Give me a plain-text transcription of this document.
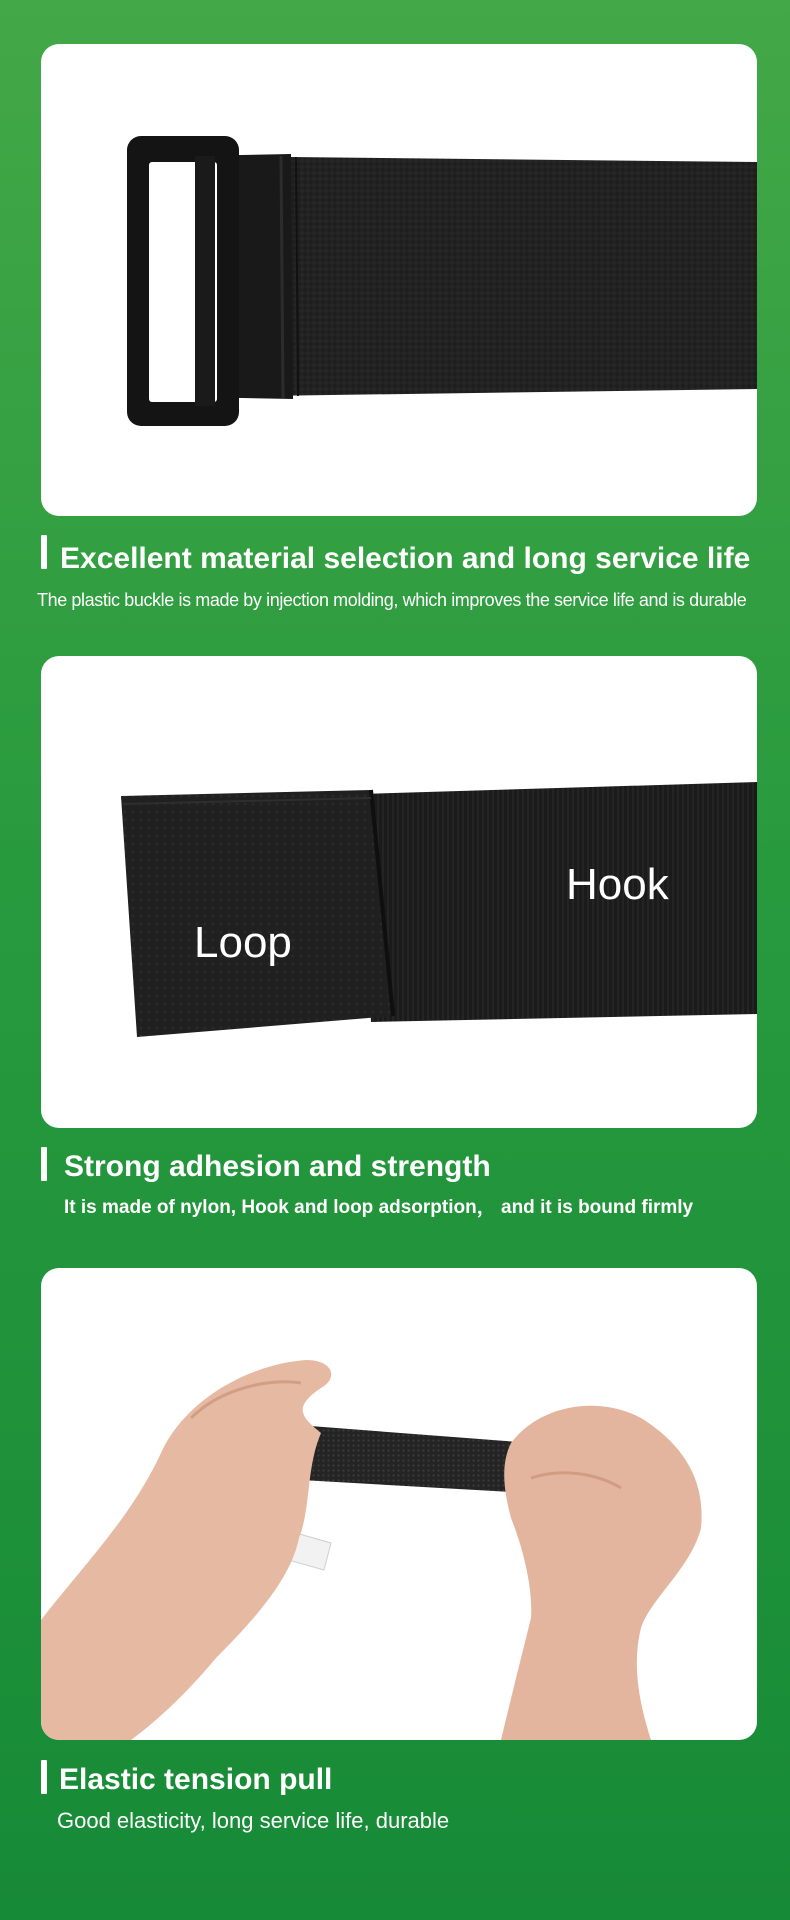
Excellent material selection and long service life
The plastic buckle is made by injection molding, which improves the service life and is durable
Loop
Hook
Strong adhesion and strength
It is made of nylon, Hook and loop adsorption， and it is bound firmly
Elastic tension pull
Good elasticity, long service life, durable
